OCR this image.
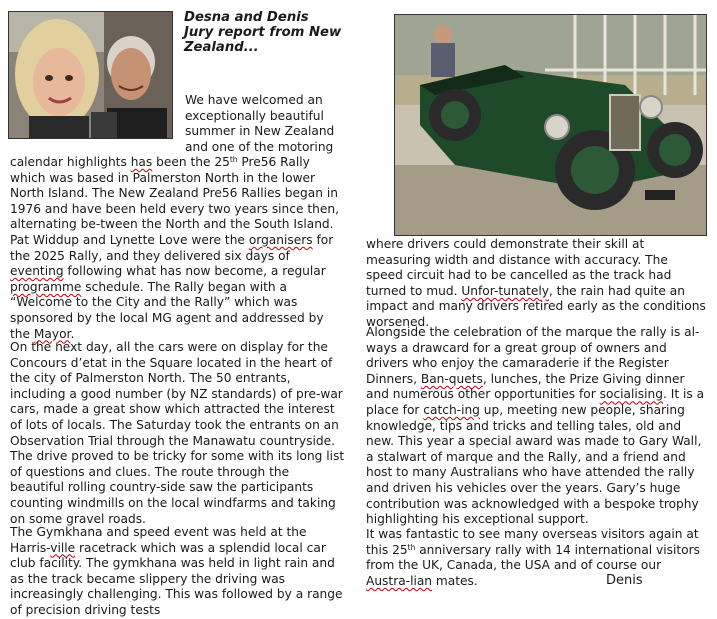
Desna and Denis
Jury report from New
Zealand...

We have welcomed an

exceptionally beautiful

summer in New Zealand

and one of the motoring

calendar highlights has been the 25th Pre56 Rally which was based in Palmerston North in the lower North Island. The New Zealand Pre56 Rallies began in 1976 and have been held every two years since then, alternating be-tween the North and the South Island. Pat Widdup and Lynette Love were the organisers for the 2025 Rally, and they delivered six days of eventing following what has now become, a regular programme schedule. The Rally began with a “Welcome to the City and the Rally” which was sponsored by the local MG agent and addressed by the Mayor.

On the next day, all the cars were on display for the Concours d’etat in the Square located in the heart of the city of Palmerston North. The 50 entrants, including a good number (by NZ standards) of pre-war cars, made a great show which attracted the interest of lots of locals. The Saturday took the entrants on an Observation Trial through the Manawatu countryside. The drive proved to be tricky for some with its long list of questions and clues. The route through the beautiful rolling country-side saw the participants counting windmills on the local windfarms and taking on some gravel roads.

The Gymkhana and speed event was held at the Harris-ville racetrack which was a splendid local car club facility. The gymkhana was held in light rain and as the track became slippery the driving was increasingly challenging. This was followed by a range of precision driving tests

where drivers could demonstrate their skill at measuring width and distance with accuracy. The speed circuit had to be cancelled as the track had turned to mud. Unfor-tunately, the rain had quite an impact and many drivers retired early as the conditions worsened.

Alongside the celebration of the marque the rally is al-ways a drawcard for a great group of owners and drivers who enjoy the camaraderie if the Register Dinners, Ban-quets, lunches, the Prize Giving dinner and numerous other opportunities for socialising. It is a place for catch-ing up, meeting new people, sharing knowledge, tips and tricks and telling tales, old and new. This year a special award was made to Gary Wall, a stalwart of marque and the Rally, and a friend and host to many Australians who have attended the rally and driven his vehicles over the years. Gary’s huge contribution was acknowledged with a bespoke trophy highlighting his exceptional support.

It was fantastic to see many overseas visitors again at this 25th anniversary rally with 14 international visitors from the UK, Canada, the USA and of course our Austra-lian mates.	Denis
